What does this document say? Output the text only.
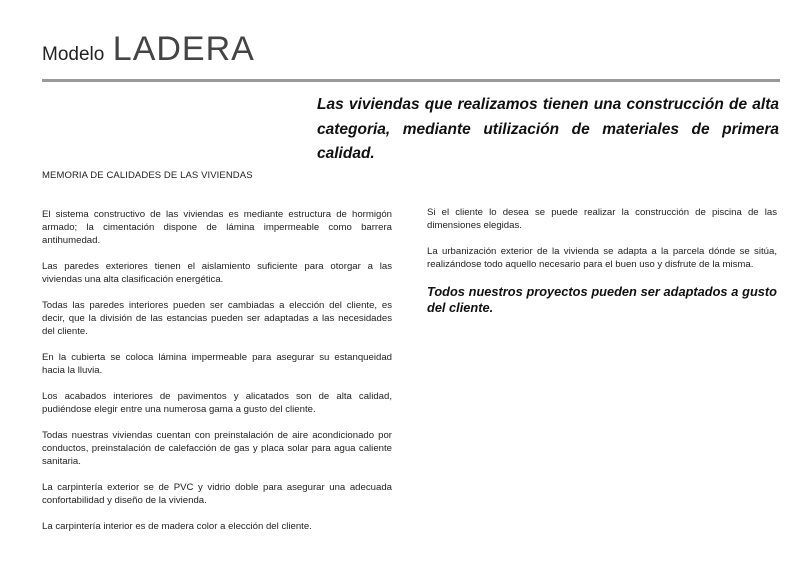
Modelo LADERA
Las viviendas que realizamos tienen una construcción de alta categoria, mediante utilización de materiales de primera calidad.
MEMORIA DE CALIDADES DE LAS VIVIENDAS

El sistema constructivo de las viviendas es mediante estructura de hormigón armado; la cimentación dispone de lámina impermeable como barrera antihumedad.

Las paredes exteriores tienen el aislamiento suficiente para otorgar a las viviendas una alta clasificación energética.

Todas las paredes interiores pueden ser cambiadas a elección del cliente, es decir, que la división de las estancias pueden ser adaptadas a las necesidades del cliente.

En la cubierta se coloca lámina impermeable para asegurar su estanqueidad hacia la lluvia.

Los acabados interiores de pavimentos y alicatados son de alta calidad, pudiéndose elegir entre una numerosa gama a gusto del cliente.

Todas nuestras viviendas cuentan con preinstalación de aire acondicionado por conductos, preinstalación de calefacción de gas y placa solar para agua caliente sanitaria.

La carpintería exterior se de PVC y vidrio doble para asegurar una adecuada confortabilidad y diseño de la vivienda.

La carpintería interior es de madera color a elección del cliente.

Si el cliente lo desea se puede realizar la construcción de piscina de las dimensiones elegidas.

La urbanización exterior de la vivienda se adapta a la parcela dónde se sitúa, realizándose todo aquello necesario para el buen uso y disfrute de la misma.

Todos nuestros proyectos pueden ser adaptados a gusto del cliente.
